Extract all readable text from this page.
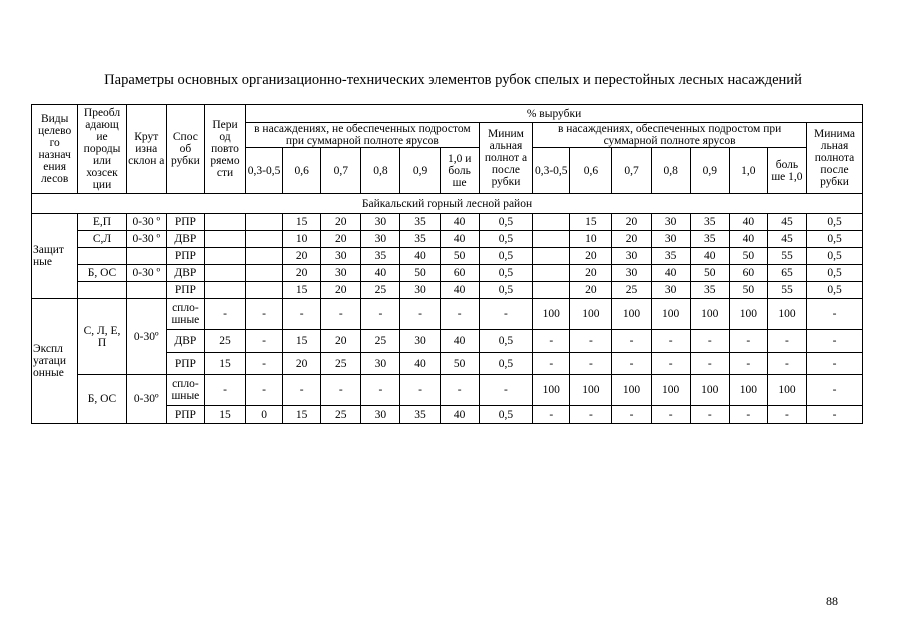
Параметры основных организационно-технических элементов рубок спелых и перестойных лесных насаждений
Виды целево го назнач ения лесов	Преобл адающ ие породы или хозсек ции	Крут изна склон а	Спос об рубки	Пери од повто ряемо сти	% вырубки														
					в насаждениях, не обеспеченных подростом при суммарной полноте ярусов						Миним альная полнот а после рубки	в насаждениях, обеспеченных подростом при суммарной полноте ярусов							Минима льная полнота после рубки

					0,3-0,5	0,6	0,7	0,8	0,9	1,0 и боль ше		0,3-0,5	0,6	0,7	0,8	0,9	1,0	боль ше 1,0	
Байкальский горный лесной район																			
Защит ные	Е,П	0-30 º	РПР			15	20	30	35	40	0,5		15	20	30	35	40	45	0,5
	С,Л	0-30 º	ДВР			10	20	30	35	40	0,5		10	20	30	35	40	45	0,5
			РПР			20	30	35	40	50	0,5		20	30	35	40	50	55	0,5
	Б, ОС	0-30 º	ДВР			20	30	40	50	60	0,5		20	30	40	50	60	65	0,5
			РПР			15	20	25	30	40	0,5		20	25	30	35	50	55	0,5
Экспл уатаци онные	С, Л, Е, П	0-30º	спло- шные	-	-	-	-	-	-	-	-	100	100	100	100	100	100	100	-
			ДВР	25	-	15	20	25	30	40	0,5	-	-	-	-	-	-	-	-
			РПР	15	-	20	25	30	40	50	0,5	-	-	-	-	-	-	-	-
	Б, ОС	0-30º	спло- шные	-	-	-	-	-	-	-	-	100	100	100	100	100	100	100	-
			РПР	15	0	15	25	30	35	40	0,5	-	-	-	-	-	-	-	-
88
